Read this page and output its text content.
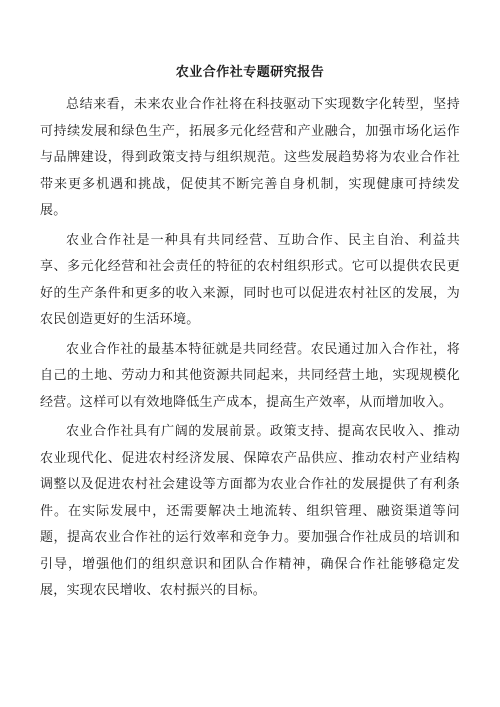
农业合作社专题研究报告

总结来看，未来农业合作社将在科技驱动下实现数字化转型，坚持可持续发展和绿色生产，拓展多元化经营和产业融合，加强市场化运作与品牌建设，得到政策支持与组织规范。这些发展趋势将为农业合作社带来更多机遇和挑战，促使其不断完善自身机制，实现健康可持续发展。

农业合作社是一种具有共同经营、互助合作、民主自治、利益共享、多元化经营和社会责任的特征的农村组织形式。它可以提供农民更好的生产条件和更多的收入来源，同时也可以促进农村社区的发展，为农民创造更好的生活环境。

农业合作社的最基本特征就是共同经营。农民通过加入合作社，将自己的土地、劳动力和其他资源共同起来，共同经营土地，实现规模化经营。这样可以有效地降低生产成本，提高生产效率，从而增加收入。

农业合作社具有广阔的发展前景。政策支持、提高农民收入、推动农业现代化、促进农村经济发展、保障农产品供应、推动农村产业结构调整以及促进农村社会建设等方面都为农业合作社的发展提供了有利条件。在实际发展中，还需要解决土地流转、组织管理、融资渠道等问题，提高农业合作社的运行效率和竞争力。要加强合作社成员的培训和引导，增强他们的组织意识和团队合作精神，确保合作社能够稳定发展，实现农民增收、农村振兴的目标。
